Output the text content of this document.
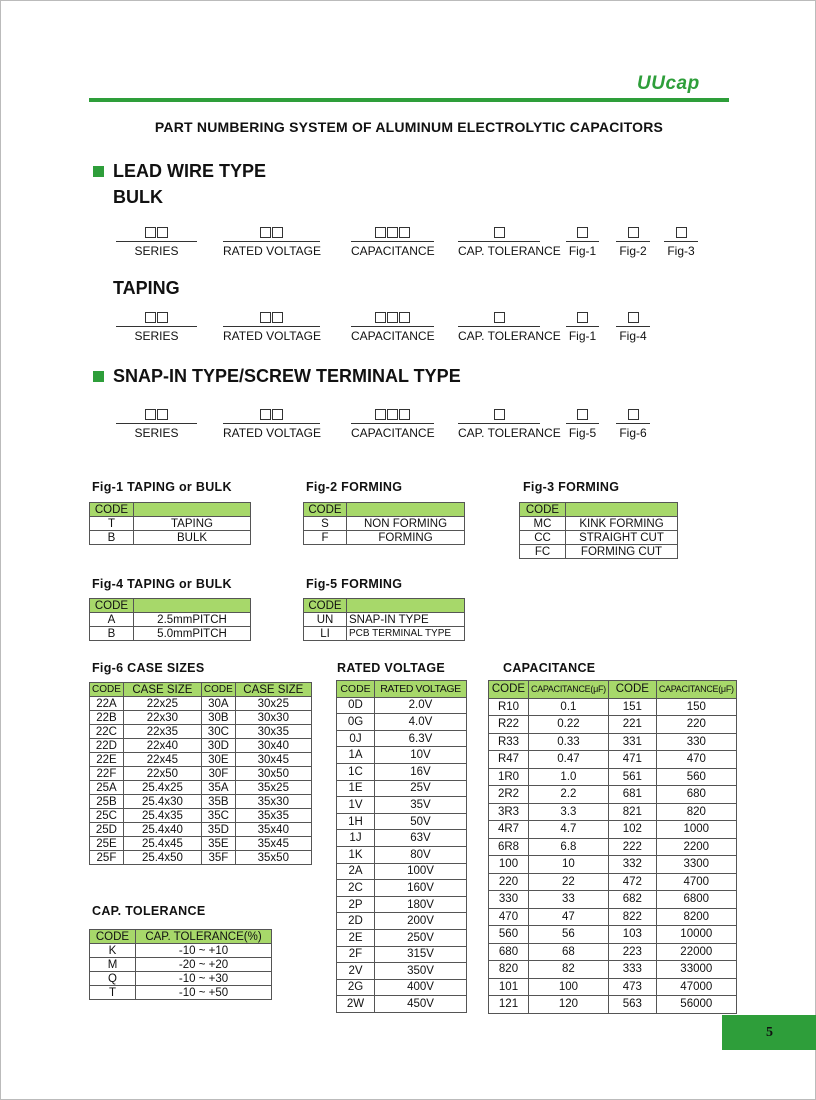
UUcap
PART NUMBERING SYSTEM OF ALUMINUM ELECTROLYTIC CAPACITORS
LEAD WIRE TYPE
BULK
SERIES	RATED VOLTAGE CAPACITANCE CAP. TOLERANCE Fig-1 Fig-2 Fig-3
TAPING
SERIES	RATED VOLTAGE CAPACITANCE CAP. TOLERANCE Fig-1 Fig-4
SNAP-IN TYPE/SCREW TERMINAL TYPE
SERIES	RATED VOLTAGE CAPACITANCE CAP. TOLERANCE Fig-5 Fig-6
Fig-1 TAPING or BULK
CODE	
T	TAPING
B	BULK
Fig-2 FORMING
CODE	
S	NON FORMING
F	FORMING
Fig-3 FORMING
CODE	
MC	KINK FORMING
CC	STRAIGHT CUT
FC	FORMING CUT
Fig-4 TAPING or BULK
CODE	
A	2.5mmPITCH
B	5.0mmPITCH
Fig-5 FORMING
CODE	
UN	SNAP-IN TYPE
LI	PCB TERMINAL TYPE
Fig-6 CASE SIZES
CODE	CASE SIZE	CODE	CASE SIZE
22A	22x25	30A	30x25
22B	22x30	30B	30x30
22C	22x35	30C	30x35
22D	22x40	30D	30x40
22E	22x45	30E	30x45
22F	22x50	30F	30x50
25A	25.4x25	35A	35x25
25B	25.4x30	35B	35x30
25C	25.4x35	35C	35x35
25D	25.4x40	35D	35x40
25E	25.4x45	35E	35x45
25F	25.4x50	35F	35x50
CAP. TOLERANCE
CODE	CAP. TOLERANCE(%)
K	-10 ~ +10
M	-20 ~ +20
Q	-10 ~ +30
T	-10 ~ +50
RATED VOLTAGE
CODE	RATED VOLTAGE
0D	2.0V
0G	4.0V
0J	6.3V
1A	10V
1C	16V
1E	25V
1V	35V
1H	50V
1J	63V
1K	80V
2A	100V
2C	160V
2P	180V
2D	200V
2E	250V
2F	315V
2V	350V
2G	400V
2W	450V
CAPACITANCE
CODE	CAPACITANCE(μF)	CODE	CAPACITANCE(μF)
R10	0.1	151	150
R22	0.22	221	220
R33	0.33	331	330
R47	0.47	471	470
1R0	1.0	561	560
2R2	2.2	681	680
3R3	3.3	821	820
4R7	4.7	102	1000
6R8	6.8	222	2200
100	10	332	3300
220	22	472	4700
330	33	682	6800
470	47	822	8200
560	56	103	10000
680	68	223	22000
820	82	333	33000
101	100	473	47000
121	120	563	56000
5
